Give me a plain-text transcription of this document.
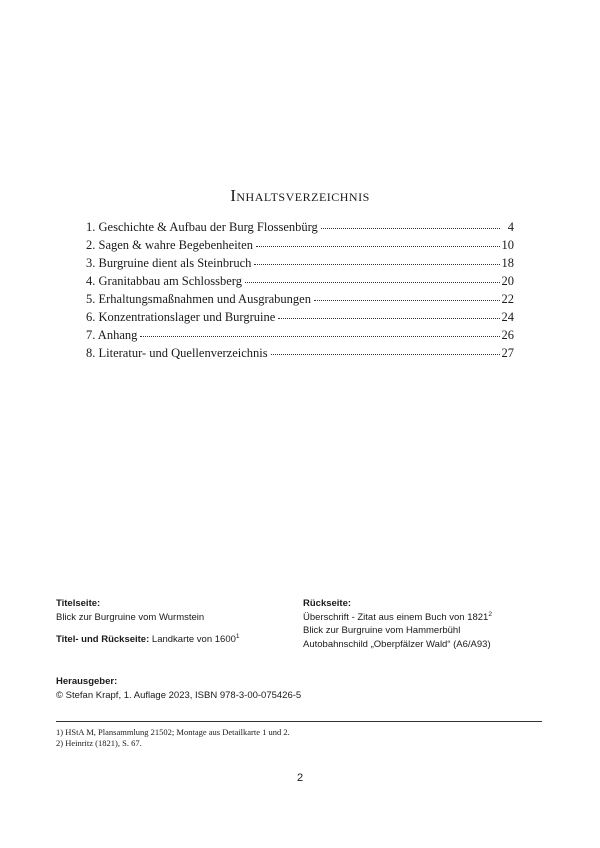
Inhaltsverzeichnis
1. Geschichte & Aufbau der Burg Flossenbürg	4
2. Sagen & wahre Begebenheiten	10
3. Burgruine dient als Steinbruch	18
4. Granitabbau am Schlossberg	20
5. Erhaltungsmaßnahmen und Ausgrabungen	22
6. Konzentrationslager und Burgruine	24
7. Anhang	26
8. Literatur- und Quellenverzeichnis	27
Titelseite:
Blick zur Burgruine vom Wurmstein
Titel- und Rückseite: Landkarte von 1600$^1$
Rückseite:
Überschrift - Zitat aus einem Buch von 1821$^2$
Blick zur Burgruine vom Hammerbühl
Autobahnschild „Oberpfälzer Wald“ (A6/A93)
Herausgeber:
© Stefan Krapf, 1. Auflage 2023, ISBN 978-3-00-075426-5
1) HStA M, Plansammlung 21502; Montage aus Detailkarte 1 und 2.
2) Heinritz (1821), S. 67.
2
